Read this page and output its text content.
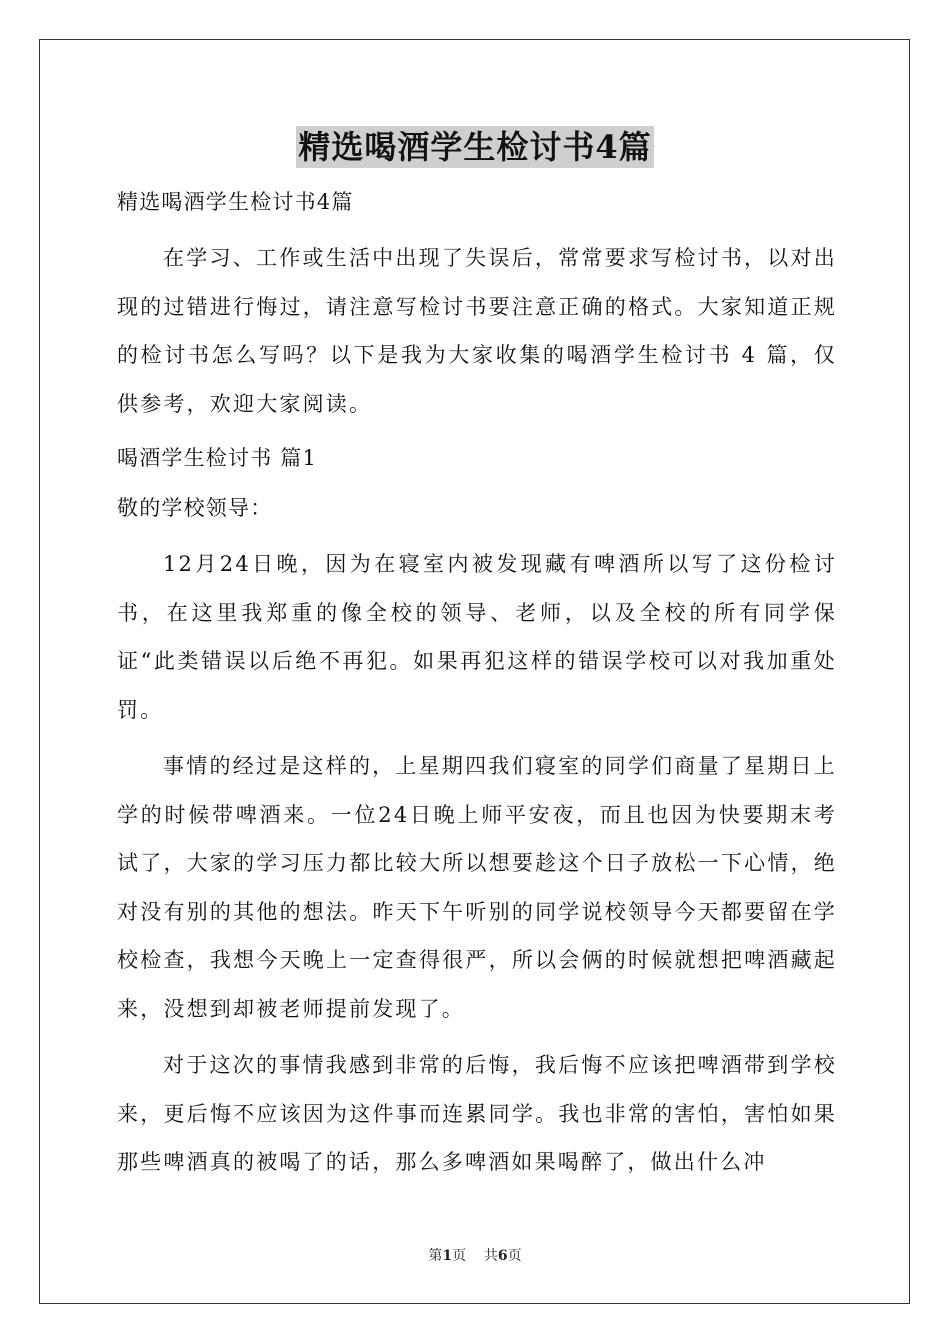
精选喝酒学生检讨书4篇
精选喝酒学生检讨书4篇

在学习、工作或生活中出现了失误后，常常要求写检讨书，以对出现的过错进行悔过，请注意写检讨书要注意正确的格式。大家知道正规的检讨书怎么写吗？以下是我为大家收集的喝酒学生检讨书 4 篇，仅供参考，欢迎大家阅读。

喝酒学生检讨书 篇1
敬的学校领导：

12月24日晚，因为在寝室内被发现藏有啤酒所以写了这份检讨书，在这里我郑重的像全校的领导、老师，以及全校的所有同学保证“此类错误以后绝不再犯。如果再犯这样的错误学校可以对我加重处罚。

事情的经过是这样的，上星期四我们寝室的同学们商量了星期日上学的时候带啤酒来。一位24日晚上师平安夜，而且也因为快要期末考试了，大家的学习压力都比较大所以想要趁这个日子放松一下心情，绝对没有别的其他的想法。昨天下午听别的同学说校领导今天都要留在学校检查，我想今天晚上一定查得很严，所以会俩的时候就想把啤酒藏起来，没想到却被老师提前发现了。

对于这次的事情我感到非常的后悔，我后悔不应该把啤酒带到学校来，更后悔不应该因为这件事而连累同学。我也非常的害怕，害怕如果那些啤酒真的被喝了的话，那么多啤酒如果喝醉了，做出什么冲

第1页    共6页
